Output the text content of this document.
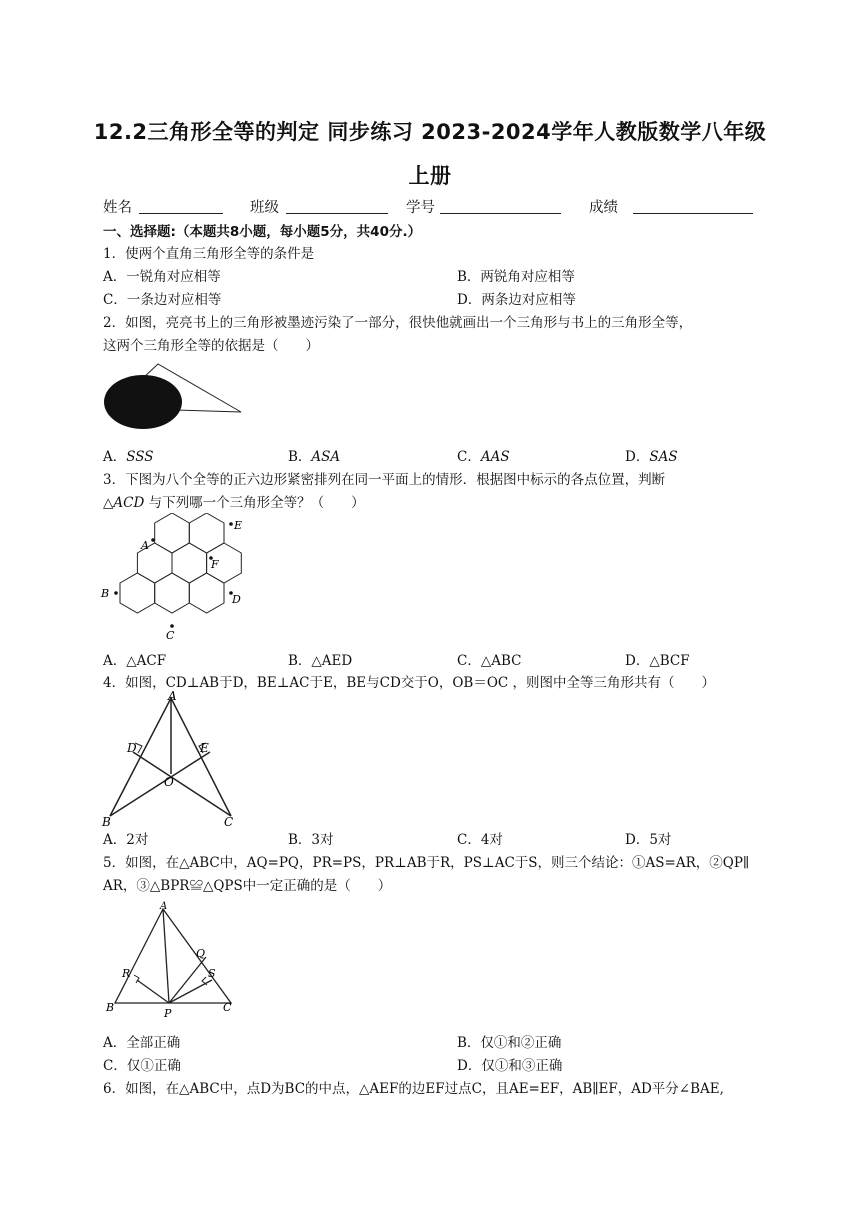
12.2三角形全等的判定 同步练习 2023-2024学年人教版数学八年级
上册
姓名	班级	学号	成绩
一、选择题:（本题共8小题，每小题5分，共40分.）
1．使两个直角三角形全等的条件是
A．一锐角对应相等	B．两锐角对应相等
C．一条边对应相等	D．两条边对应相等
2．如图，亮亮书上的三角形被墨迹污染了一部分，很快他就画出一个三角形与书上的三角形全等，
这两个三角形全等的依据是（　　）
A．SSS	B．ASA	C．AAS	D．SAS
3．下图为八个全等的正六边形紧密排列在同一平面上的情形．根据图中标示的各点位置，判断
△ACD 与下列哪一个三角形全等？（　　）
A
E
F
B	D
C
A．△ACF	B．△AED	C．△ABC	D．△BCF
4．如图，CD⊥AB于D，BE⊥AC于E，BE与CD交于O，OB＝OC ，则图中全等三角形共有（　　）
A
D	E
O
B	C
A．2对	B．3对	C．4对	D．5对
5．如图，在△ABC中，AQ=PQ，PR=PS，PR⊥AB于R，PS⊥AC于S，则三个结论：①AS=AR，②QP∥
AR，③△BPR≌△QPS中一定正确的是（　　）
A
Q
R	S
B	P	C
A．全部正确	B．仅①和②正确
C．仅①正确	D．仅①和③正确
6．如图，在△ABC中，点D为BC的中点，△AEF的边EF过点C，且AE=EF，AB∥EF，AD平分∠BAE,
